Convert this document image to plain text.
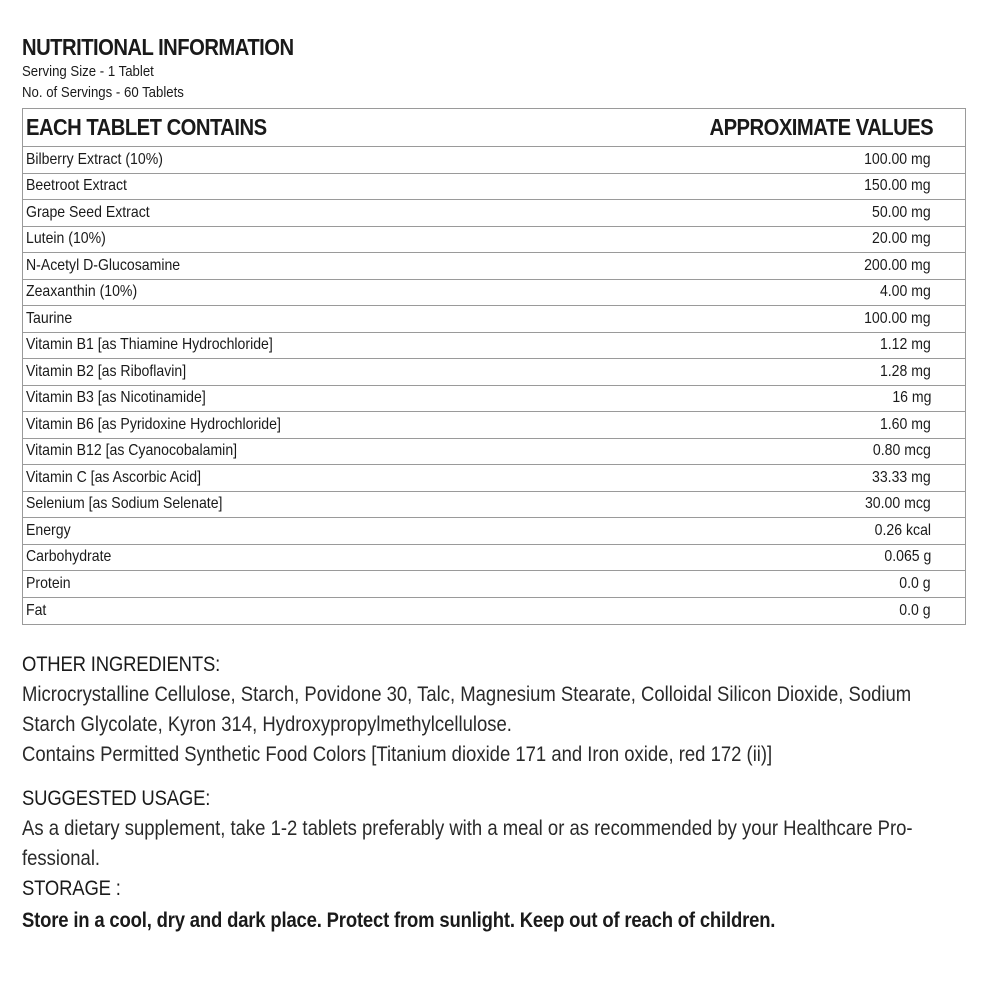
NUTRITIONAL INFORMATION
Serving Size - 1 Tablet
No. of Servings - 60 Tablets
EACH TABLET CONTAINS	APPROXIMATE VALUES
Bilberry Extract (10%)	100.00 mg
Beetroot Extract	150.00 mg
Grape Seed Extract	50.00 mg
Lutein (10%)	20.00 mg
N-Acetyl D-Glucosamine	200.00 mg
Zeaxanthin (10%)	4.00 mg
Taurine	100.00 mg
Vitamin B1 [as Thiamine Hydrochloride]	1.12 mg
Vitamin B2 [as Riboflavin]	1.28 mg
Vitamin B3 [as Nicotinamide]	16 mg
Vitamin B6 [as Pyridoxine Hydrochloride]	1.60 mg
Vitamin B12 [as Cyanocobalamin]	0.80 mcg
Vitamin C [as Ascorbic Acid]	33.33 mg
Selenium [as Sodium Selenate]	30.00 mcg
Energy	0.26 kcal
Carbohydrate	0.065 g
Protein	0.0 g
Fat	0.0 g
OTHER INGREDIENTS:
Microcrystalline Cellulose, Starch, Povidone 30, Talc, Magnesium Stearate, Colloidal Silicon Dioxide, Sodium Starch Glycolate, Kyron 314, Hydroxypropylmethylcellulose.
Contains Permitted Synthetic Food Colors [Titanium dioxide 171 and Iron oxide, red 172 (ii)]
SUGGESTED USAGE:
As a dietary supplement, take 1-2 tablets preferably with a meal or as recommended by your Healthcare Pro-fessional.
STORAGE :
Store in a cool, dry and dark place. Protect from sunlight. Keep out of reach of children.
